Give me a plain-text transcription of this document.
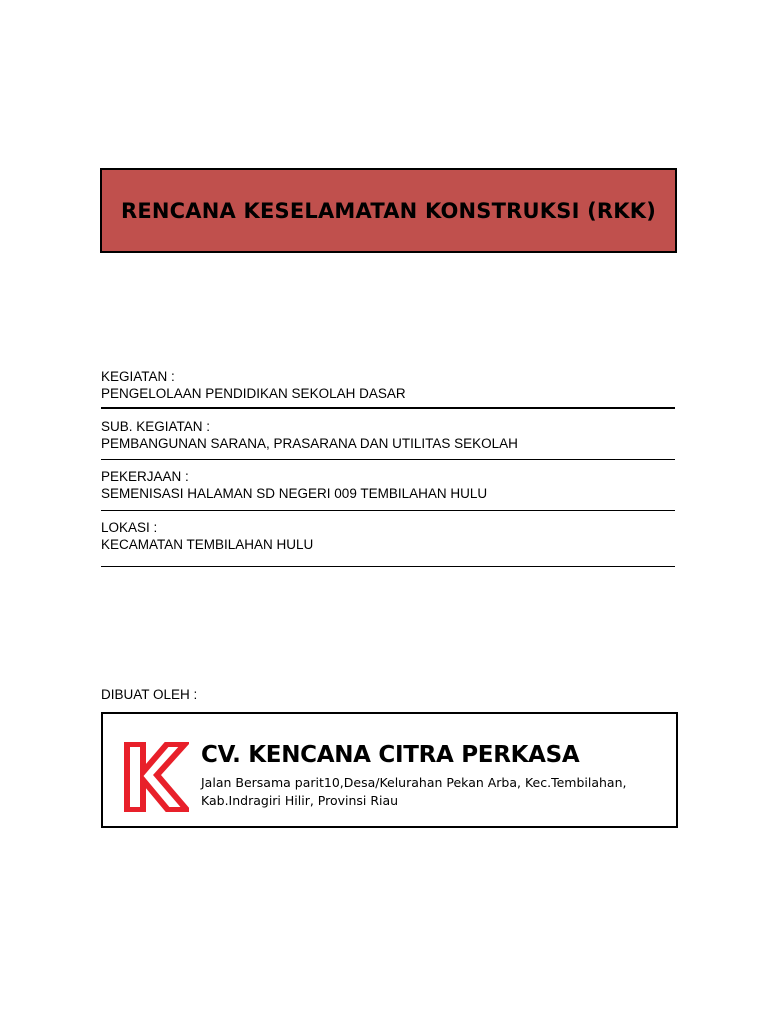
RENCANA KESELAMATAN KONSTRUKSI (RKK)
KEGIATAN :
PENGELOLAAN PENDIDIKAN SEKOLAH DASAR
SUB. KEGIATAN :
PEMBANGUNAN SARANA, PRASARANA DAN UTILITAS SEKOLAH
PEKERJAAN :
SEMENISASI HALAMAN SD NEGERI 009 TEMBILAHAN HULU
LOKASI :
KECAMATAN TEMBILAHAN HULU
DIBUAT OLEH :
CV. KENCANA CITRA PERKASA
Jalan Bersama parit10,Desa/Kelurahan Pekan Arba, Kec.Tembilahan, Kab.Indragiri Hilir, Provinsi Riau
